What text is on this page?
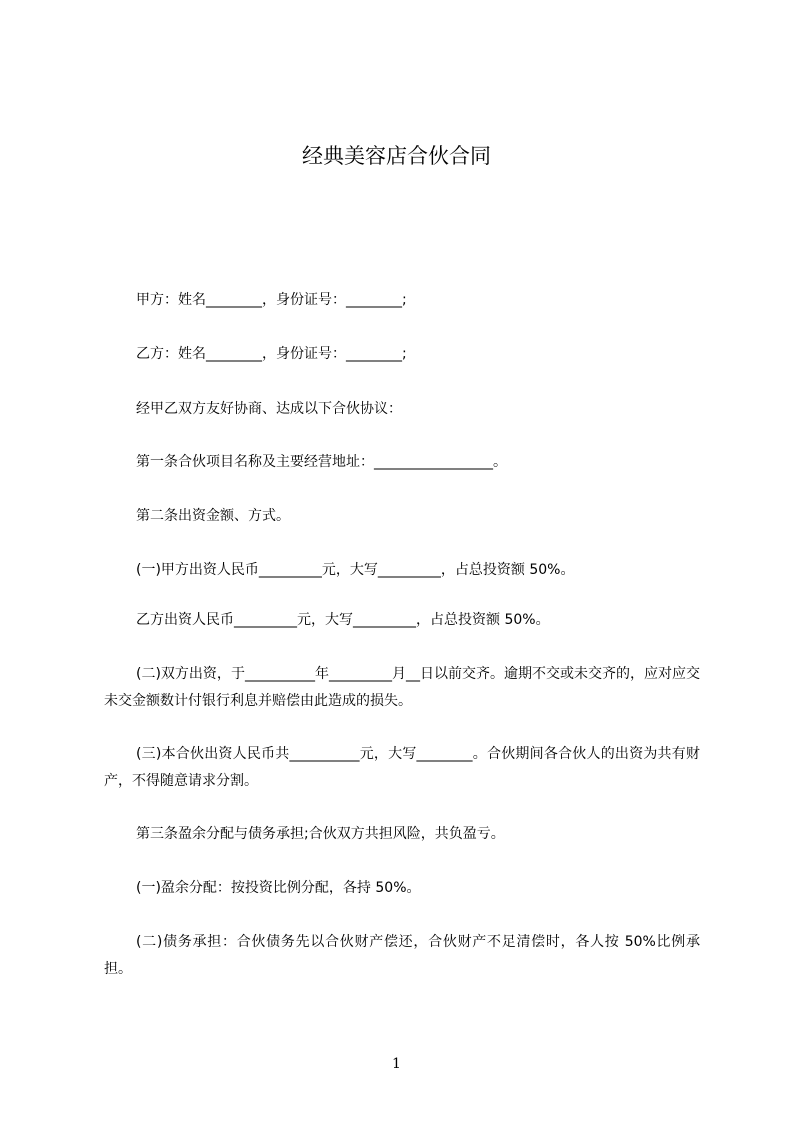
经典美容店合伙合同

甲方：姓名________，身份证号：________;

乙方：姓名________，身份证号：________;

经甲乙双方友好协商、达成以下合伙协议：

第一条合伙项目名称及主要经营地址：_________________。

第二条出资金额、方式。

(一)甲方出资人民币_________元，大写_________，占总投资额 50%。

乙方出资人民币_________元，大写_________，占总投资额 50%。

(二)双方出资，于__________年_________月__日以前交齐。逾期不交或未交齐的，应对应交未交金额数计付银行利息并赔偿由此造成的损失。

(三)本合伙出资人民币共__________元，大写________。合伙期间各合伙人的出资为共有财产，不得随意请求分割。

第三条盈余分配与债务承担;合伙双方共担风险，共负盈亏。

(一)盈余分配：按投资比例分配，各持 50%。

(二)债务承担：合伙债务先以合伙财产偿还，合伙财产不足清偿时，各人按 50%比例承担。

1
